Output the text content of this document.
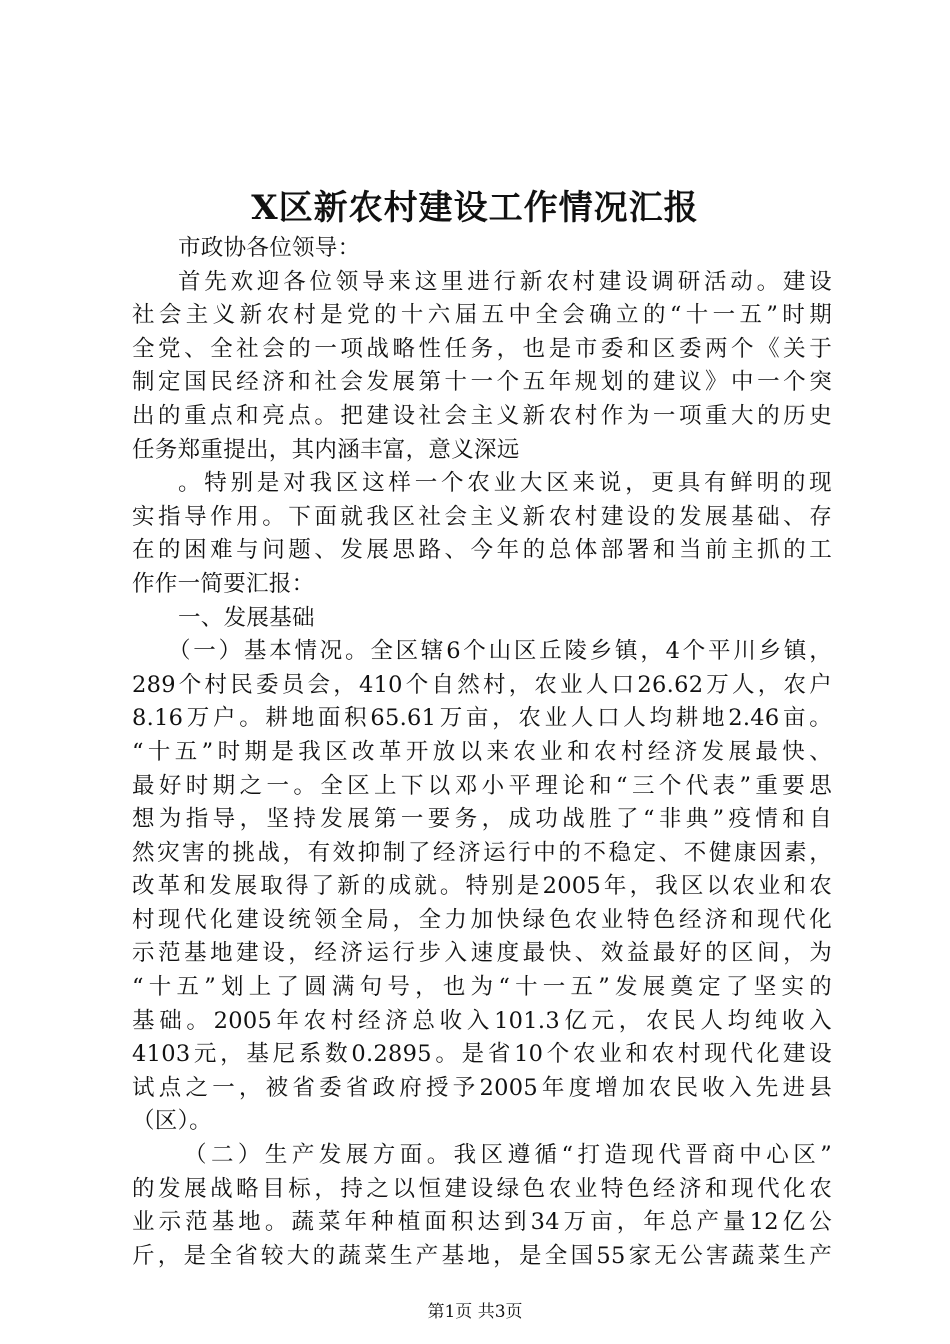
X区新农村建设工作情况汇报
市政协各位领导：
首先欢迎各位领导来这里进行新农村建设调研活动。建设
社会主义新农村是党的十六届五中全会确立的“十一五”时期
全党、全社会的一项战略性任务，也是市委和区委两个《关于
制定国民经济和社会发展第十一个五年规划的建议》中一个突
出的重点和亮点。把建设社会主义新农村作为一项重大的历史
任务郑重提出，其内涵丰富，意义深远
。特别是对我区这样一个农业大区来说，更具有鲜明的现
实指导作用。下面就我区社会主义新农村建设的发展基础、存
在的困难与问题、发展思路、今年的总体部署和当前主抓的工
作作一简要汇报：
一、发展基础
（一）基本情况。全区辖6个山区丘陵乡镇，4个平川乡镇，
289个村民委员会，410个自然村，农业人口26.62万人，农户
8.16万户。耕地面积65.61万亩，农业人口人均耕地2.46亩。
“十五”时期是我区改革开放以来农业和农村经济发展最快、
最好时期之一。全区上下以邓小平理论和“三个代表”重要思
想为指导，坚持发展第一要务，成功战胜了“非典”疫情和自
然灾害的挑战，有效抑制了经济运行中的不稳定、不健康因素，
改革和发展取得了新的成就。特别是2005年，我区以农业和农
村现代化建设统领全局，全力加快绿色农业特色经济和现代化
示范基地建设，经济运行步入速度最快、效益最好的区间，为
“十五”划上了圆满句号，也为“十一五”发展奠定了坚实的
基础。2005年农村经济总收入101.3亿元，农民人均纯收入
4103元，基尼系数0.2895。是省10个农业和农村现代化建设
试点之一，被省委省政府授予2005年度增加农民收入先进县
（区）。
（二）生产发展方面。我区遵循“打造现代晋商中心区”
的发展战略目标，持之以恒建设绿色农业特色经济和现代化农
业示范基地。蔬菜年种植面积达到34万亩，年总产量12亿公
斤，是全省较大的蔬菜生产基地，是全国55家无公害蔬菜生产
第1页 共3页
